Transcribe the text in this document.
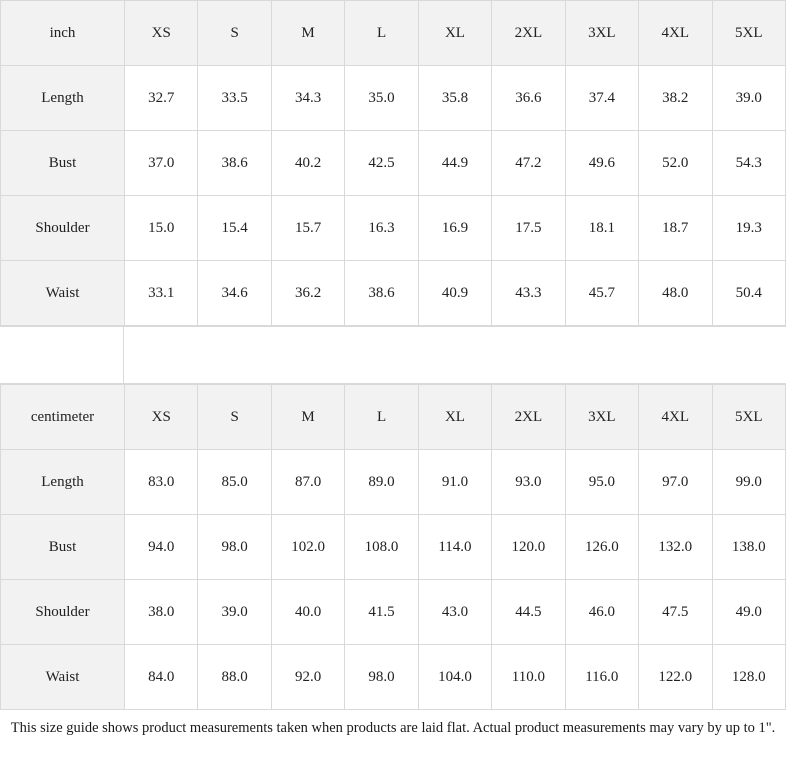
inch	XS	S	M	L	XL	2XL	3XL	4XL	5XL
Length	32.7	33.5	34.3	35.0	35.8	36.6	37.4	38.2	39.0
Bust	37.0	38.6	40.2	42.5	44.9	47.2	49.6	52.0	54.3
Shoulder	15.0	15.4	15.7	16.3	16.9	17.5	18.1	18.7	19.3
Waist	33.1	34.6	36.2	38.6	40.9	43.3	45.7	48.0	50.4
centimeter	XS	S	M	L	XL	2XL	3XL	4XL	5XL
Length	83.0	85.0	87.0	89.0	91.0	93.0	95.0	97.0	99.0
Bust	94.0	98.0	102.0	108.0	114.0	120.0	126.0	132.0	138.0
Shoulder	38.0	39.0	40.0	41.5	43.0	44.5	46.0	47.5	49.0
Waist	84.0	88.0	92.0	98.0	104.0	110.0	116.0	122.0	128.0
This size guide shows product measurements taken when products are laid flat. Actual product measurements may vary by up to 1".
